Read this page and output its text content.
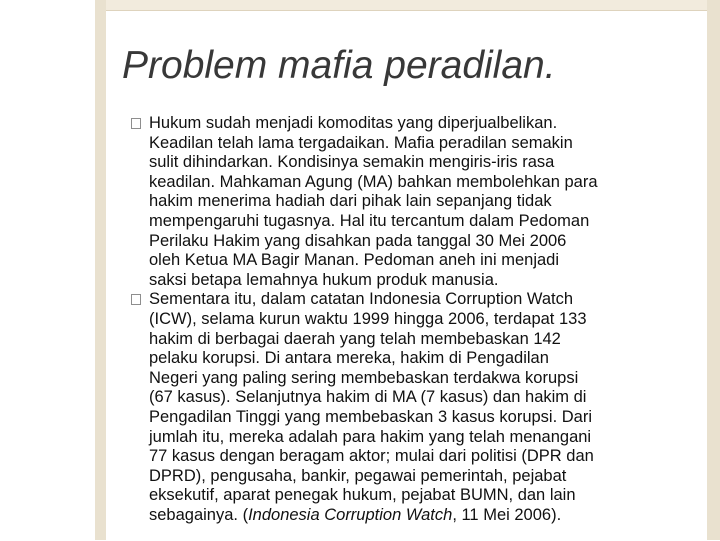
Problem mafia peradilan.
Hukum sudah menjadi komoditas yang diperjualbelikan.
Keadilan telah lama tergadaikan. Mafia peradilan semakin
sulit dihindarkan. Kondisinya semakin mengiris-iris rasa
keadilan. Mahkaman Agung (MA) bahkan membolehkan para
hakim menerima hadiah dari pihak lain sepanjang tidak
mempengaruhi tugasnya. Hal itu tercantum dalam Pedoman
Perilaku Hakim yang disahkan pada tanggal 30 Mei 2006
oleh Ketua MA Bagir Manan. Pedoman aneh ini menjadi
saksi betapa lemahnya hukum produk manusia.
Sementara itu, dalam catatan Indonesia Corruption Watch
(ICW), selama kurun waktu 1999 hingga 2006, terdapat 133
hakim di berbagai daerah yang telah membebaskan 142
pelaku korupsi. Di antara mereka, hakim di Pengadilan
Negeri yang paling sering membebaskan terdakwa korupsi
(67 kasus). Selanjutnya hakim di MA (7 kasus) dan hakim di
Pengadilan Tinggi yang membebaskan 3 kasus korupsi. Dari
jumlah itu, mereka adalah para hakim yang telah menangani
77 kasus dengan beragam aktor; mulai dari politisi (DPR dan
DPRD), pengusaha, bankir, pegawai pemerintah, pejabat
eksekutif, aparat penegak hukum, pejabat BUMN, dan lain
sebagainya. (Indonesia Corruption Watch, 11 Mei 2006).
